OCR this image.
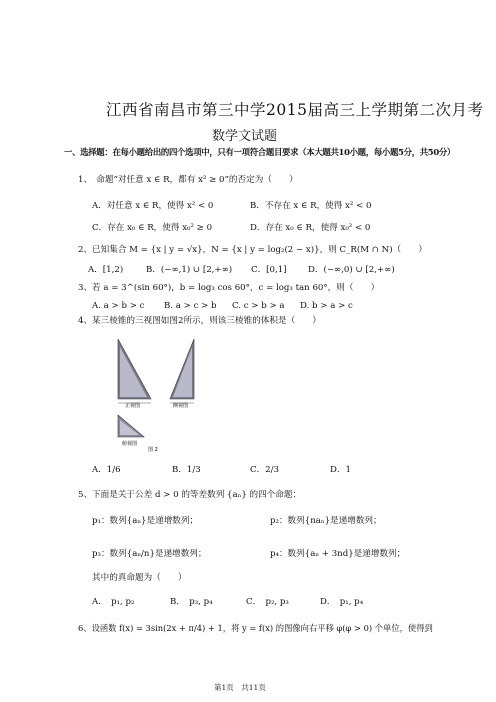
江西省南昌市第三中学2015届高三上学期第二次月考
数学文试题
一、选择题：在每小题给出的四个选项中，只有一项符合题目要求（本大题共10小题，每小题5分，共50分）
1、　命题“对任意 x ∈ R，都有 x² ≥ 0”的否定为（　　）
A．对任意 x ∈ R，使得 x² < 0	B．不存在 x ∈ R，使得 x² < 0
C．存在 x₀ ∈ R，使得 x₀² ≥ 0	D．存在 x₀ ∈ R，使得 x₀² < 0
2、已知集合 M = {x | y = √x}，N = {x | y = log₂(2 − x)}，则 C_R(M ∩ N)（　　）
A．[1,2)	B．(−∞,1) ∪ [2,+∞) C．[0,1] D．(−∞,0) ∪ [2,+∞)
3、若 a = 3^(sin 60°)，b = log₃ cos 60°，c = log₃ tan 60°，则（　　）
A. a > b > c B. a > c > b C. c > b > a D. b > a > c
4、某三棱锥的三视图如图2所示，则该三棱锥的体积是（　　）
正视图	侧视图
俯视图
图 2
A．1/6	B．1/3	C．2/3	D．1
5、下面是关于公差 d > 0 的等差数列 {aₙ} 的四个命题：
p₁：数列{aₙ}是递增数列；	p₂：数列{naₙ}是递增数列；
p₃：数列{aₙ/n}是递增数列；	p₄：数列{aₙ + 3nd}是递增数列；
其中的真命题为（　　）
A．　p₁, p₂	B．　p₃, p₄	C．　p₂, p₃	D．　p₁, p₄
6、设函数 f(x) = 3sin(2x + π/4) + 1，将 y = f(x) 的图像向右平移 φ(φ > 0) 个单位，使得到
第1页　共11页
